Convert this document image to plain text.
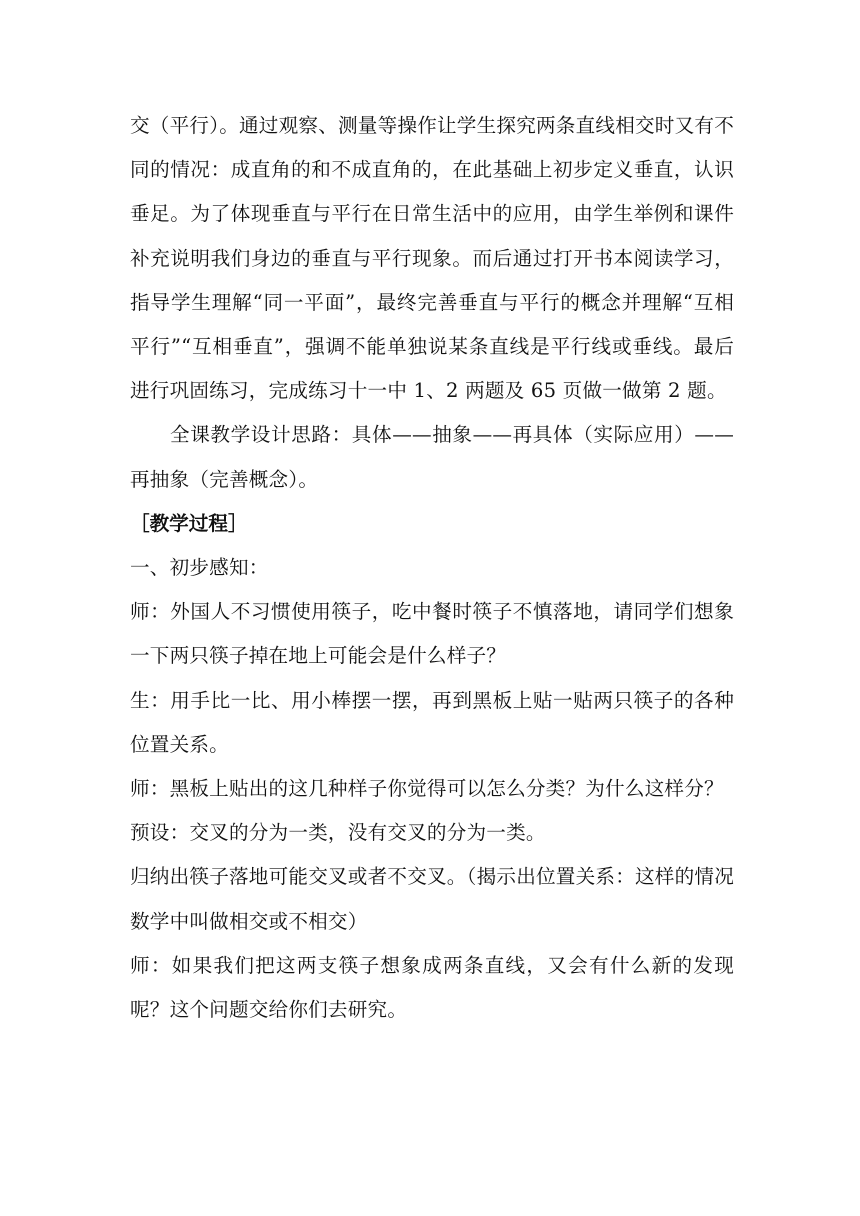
交（平行）。通过观察、测量等操作让学生探究两条直线相交时又有不同的情况：成直角的和不成直角的，在此基础上初步定义垂直，认识垂足。为了体现垂直与平行在日常生活中的应用，由学生举例和课件补充说明我们身边的垂直与平行现象。而后通过打开书本阅读学习，指导学生理解“同一平面”，最终完善垂直与平行的概念并理解“互相平行”“互相垂直”，强调不能单独说某条直线是平行线或垂线。最后进行巩固练习，完成练习十一中 1、2 两题及 65 页做一做第 2 题。

全课教学设计思路：具体——抽象——再具体（实际应用）——再抽象（完善概念）。

［教学过程］

一、初步感知：

师：外国人不习惯使用筷子，吃中餐时筷子不慎落地，请同学们想象一下两只筷子掉在地上可能会是什么样子？

生：用手比一比、用小棒摆一摆，再到黑板上贴一贴两只筷子的各种位置关系。

师：黑板上贴出的这几种样子你觉得可以怎么分类？为什么这样分？

预设：交叉的分为一类，没有交叉的分为一类。

归纳出筷子落地可能交叉或者不交叉。（揭示出位置关系：这样的情况数学中叫做相交或不相交）

师：如果我们把这两支筷子想象成两条直线，又会有什么新的发现呢？这个问题交给你们去研究。
